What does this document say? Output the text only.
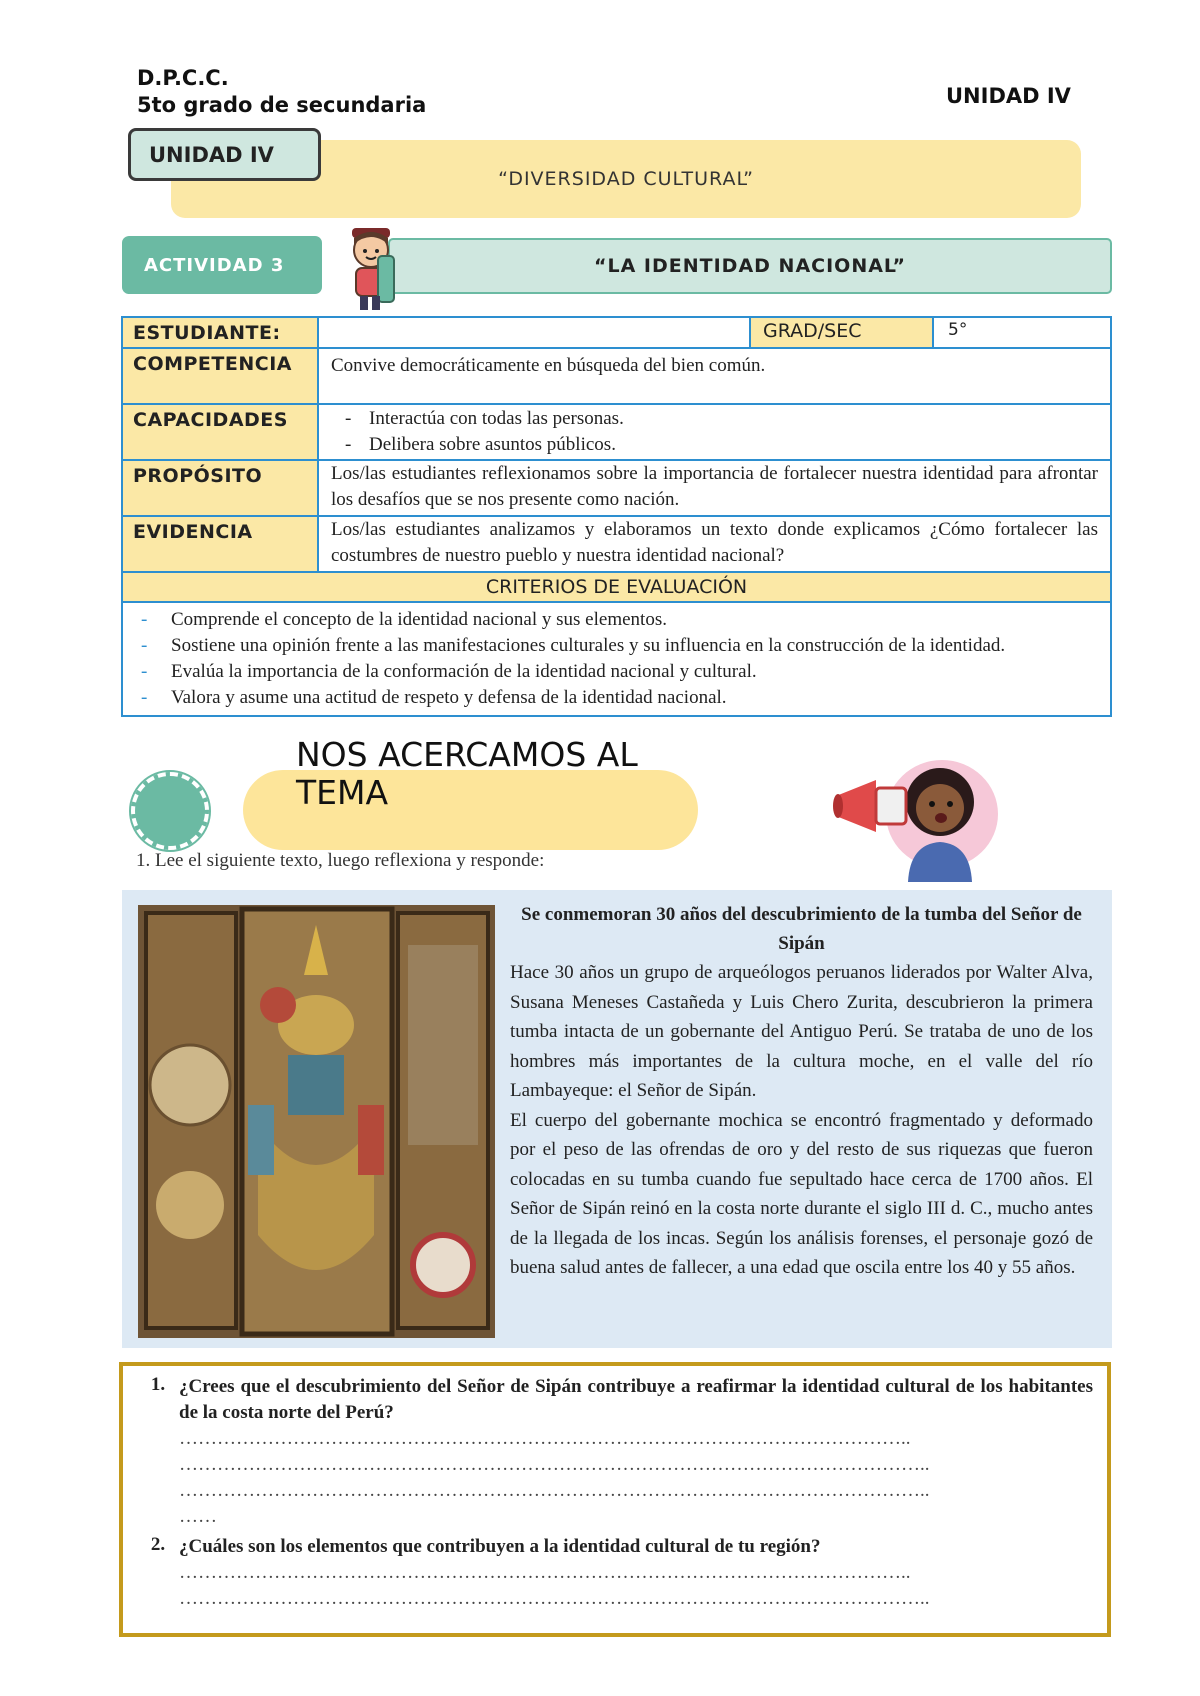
D.P.C.C.
5to grado de secundaria	UNIDAD IV
UNIDAD IV
“DIVERSIDAD CULTURAL”
ACTIVIDAD 3	“LA IDENTIDAD NACIONAL”
ESTUDIANTE:	GRAD/SEC	5°
COMPETENCIA	Convive democráticamente en búsqueda del bien común.
CAPACIDADES
-	Interactúa con todas las personas.
- Delibera sobre asuntos públicos.
PROPÓSITO	Los/las estudiantes reflexionamos sobre la importancia de fortalecer nuestra identidad para afrontar los desafíos que se nos presente como nación.
EVIDENCIA	Los/las estudiantes analizamos y elaboramos un texto donde explicamos ¿Cómo fortalecer las costumbres de nuestro pueblo y nuestra identidad nacional?
CRITERIOS DE EVALUACIÓN
- Comprende el concepto de la identidad nacional y sus elementos.
- Sostiene una opinión frente a las manifestaciones culturales y su influencia en la construcción de la identidad.
- Evalúa la importancia de la conformación de la identidad nacional y cultural.
- Valora y asume una actitud de respeto y defensa de la identidad nacional.
NOS ACERCAMOS AL TEMA
1. Lee el siguiente texto, luego reflexiona y responde:
Se conmemoran 30 años del descubrimiento de la tumba del Señor de Sipán
Hace 30 años un grupo de arqueólogos peruanos liderados por Walter Alva, Susana Meneses Castañeda y Luis Chero Zurita, descubrieron la primera tumba intacta de un gobernante del Antiguo Perú. Se trataba de uno de los hombres más importantes de la cultura moche, en el valle del río Lambayeque: el Señor de Sipán.
El cuerpo del gobernante mochica se encontró fragmentado y deformado por el peso de las ofrendas de oro y del resto de sus riquezas que fueron colocadas en su tumba cuando fue sepultado hace cerca de 1700 años. El Señor de Sipán reinó en la costa norte durante el siglo III d. C., mucho antes de la llegada de los incas. Según los análisis forenses, el personaje gozó de buena salud antes de fallecer, a una edad que oscila entre los 40 y 55 años.
1. ¿Crees que el descubrimiento del Señor de Sipán contribuye a reafirmar la identidad cultural de los habitantes de la costa norte del Perú?
……………………………………………………………………………………………………..
………………………………………………………………………………………………………..
………………………………………………………………………………………………………..
……
2. ¿Cuáles son los elementos que contribuyen a la identidad cultural de tu región?
……………………………………………………………………………………………………..
………………………………………………………………………………………………………..
